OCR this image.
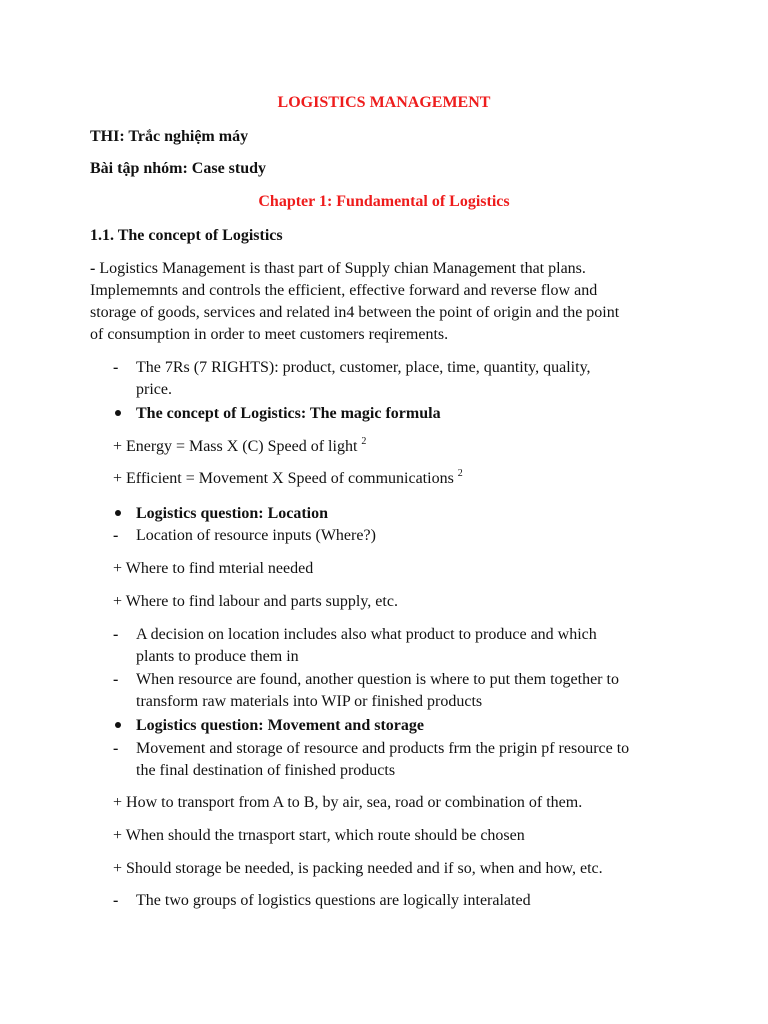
LOGISTICS MANAGEMENT
THI: Trắc nghiệm máy
Bài tập nhóm: Case study
Chapter 1: Fundamental of Logistics
1.1. The concept of Logistics
- Logistics Management is thast part of Supply chian Management that plans.
Implememnts and controls the efficient, effective forward and reverse flow and
storage of goods, services and related in4 between the point of origin and the point
of consumption in order to meet customers reqirements.
- The 7Rs (7 RIGHTS): product, customer, place, time, quantity, quality,
price.
The concept of Logistics: The magic formula
+ Energy = Mass X (C) Speed of light $^2$
+ Efficient = Movement X Speed of communications $^2$
Logistics question: Location
- Location of resource inputs (Where?)
+ Where to find mterial needed
+ Where to find labour and parts supply, etc.
- A decision on location includes also what product to produce and which
plants to produce them in
- When resource are found, another question is where to put them together to
transform raw materials into WIP or finished products
Logistics question: Movement and storage
- Movement and storage of resource and products frm the prigin pf resource to
the final destination of finished products
+ How to transport from A to B, by air, sea, road or combination of them.
+ When should the trnasport start, which route should be chosen
+ Should storage be needed, is packing needed and if so, when and how, etc.
- The two groups of logistics questions are logically interalated
